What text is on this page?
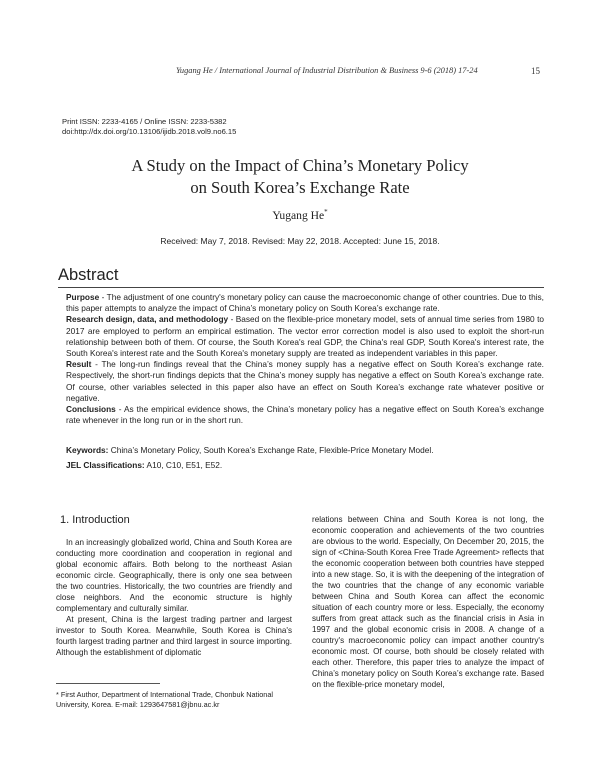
Yugang He / International Journal of Industrial Distribution & Business 9-6 (2018) 17-24	15
Print ISSN: 2233-4165 / Online ISSN: 2233-5382
doi:http://dx.doi.org/10.13106/ijidb.2018.vol9.no6.15
A Study on the Impact of China’s Monetary Policy
on South Korea’s Exchange Rate
Yugang He*
Received: May 7, 2018. Revised: May 22, 2018. Accepted: June 15, 2018.
Abstract

Purpose - The adjustment of one country's monetary policy can cause the macroeconomic change of other countries. Due to this, this paper attempts to analyze the impact of China’s monetary policy on South Korea’s exchange rate.

Research design, data, and methodology - Based on the flexible-price monetary model, sets of annual time series from 1980 to 2017 are employed to perform an empirical estimation. The vector error correction model is also used to exploit the short-run relationship between both of them. Of course, the South Korea's real GDP, the China's real GDP, South Korea's interest rate, the South Korea's interest rate and the South Korea's monetary supply are treated as independent variables in this paper.

Result - The long-run findings reveal that the China’s money supply has a negative effect on South Korea’s exchange rate. Respectively, the short-run findings depicts that the China’s money supply has negative a effect on South Korea’s exchange rate. Of course, other variables selected in this paper also have an effect on South Korea’s exchange rate whatever positive or negative.

Conclusions - As the empirical evidence shows, the China’s monetary policy has a negative effect on South Korea’s exchange rate whenever in the long run or in the short run.

Keywords: China’s Monetary Policy, South Korea’s Exchange Rate, Flexible-Price Monetary Model.

JEL Classifications: A10, C10, E51, E52.

1. Introduction

In an increasingly globalized world, China and South Korea are conducting more coordination and cooperation in regional and global economic affairs. Both belong to the northeast Asian economic circle. Geographically, there is only one sea between the two countries. Historically, the two countries are friendly and close neighbors. And the economic structure is highly complementary and culturally similar.

At present, China is the largest trading partner and largest investor to South Korea. Meanwhile, South Korea is China's fourth largest trading partner and third largest in source importing. Although the establishment of diplomatic

* First Author, Department of International Trade, Chonbuk National University, Korea. E-mail: 1293647581@jbnu.ac.kr

relations between China and South Korea is not long, the economic cooperation and achievements of the two countries are obvious to the world. Especially, On December 20, 2015, the sign of <China-South Korea Free Trade Agreement> reflects that the economic cooperation between both countries have stepped into a new stage. So, it is with the deepening of the integration of the two countries that the change of any economic variable between China and South Korea can affect the economic situation of each country more or less. Especially, the economy suffers from great attack such as the financial crisis in Asia in 1997 and the global economic crisis in 2008. A change of a country's macroeconomic policy can impact another country's economic most. Of course, both should be closely related with each other. Therefore, this paper tries to analyze the impact of China’s monetary policy on South Korea’s exchange rate. Based on the flexible-price monetary model,
